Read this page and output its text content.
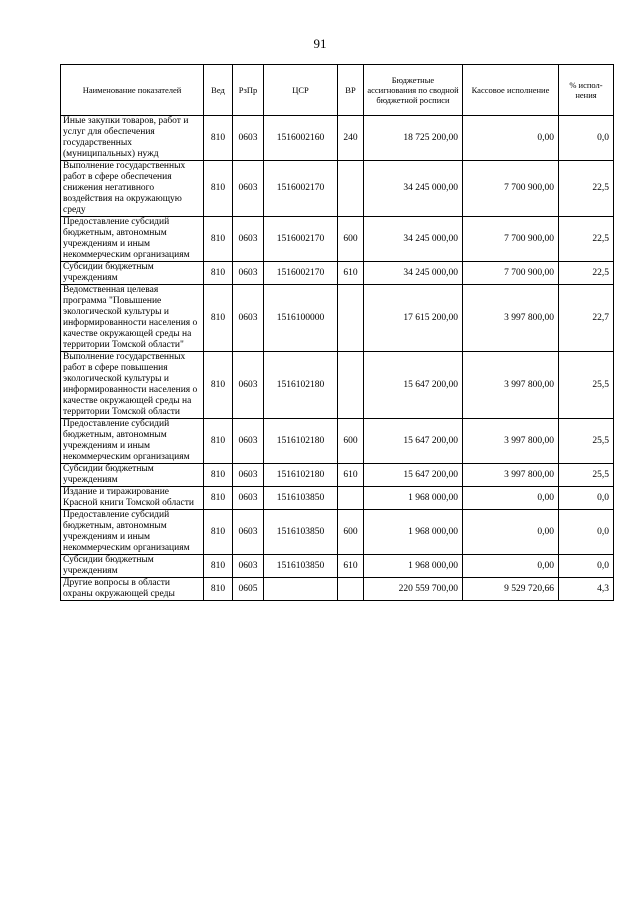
91
Наименование показателей	Вед	РзПр	ЦСР	ВР	Бюджетные ассигнования по сводной бюджетной росписи	Кассовое исполнение	% испол-нения
Иные закупки товаров, работ и услуг для обеспечения государственных (муниципальных) нужд	810	0603	1516002160	240	18 725 200,00	0,00	0,0
Выполнение государственных работ в сфере обеспечения снижения негативного воздействия на окружающую среду	810	0603	1516002170		34 245 000,00	7 700 900,00	22,5
Предоставление субсидий бюджетным, автономным учреждениям и иным некоммерческим организациям	810	0603	1516002170	600	34 245 000,00	7 700 900,00	22,5
Субсидии бюджетным учреждениям	810	0603	1516002170	610	34 245 000,00	7 700 900,00	22,5
Ведомственная целевая программа "Повышение экологической культуры и информированности населения о качестве окружающей среды на территории Томской области"	810	0603	1516100000		17 615 200,00	3 997 800,00	22,7
Выполнение государственных работ в сфере повышения экологической культуры и информированности населения о качестве окружающей среды на территории Томской области	810	0603	1516102180		15 647 200,00	3 997 800,00	25,5
Предоставление субсидий бюджетным, автономным учреждениям и иным некоммерческим организациям	810	0603	1516102180	600	15 647 200,00	3 997 800,00	25,5
Субсидии бюджетным учреждениям	810	0603	1516102180	610	15 647 200,00	3 997 800,00	25,5
Издание и тиражирование Красной книги Томской области	810	0603	1516103850		1 968 000,00	0,00	0,0
Предоставление субсидий бюджетным, автономным учреждениям и иным некоммерческим организациям	810	0603	1516103850	600	1 968 000,00	0,00	0,0
Субсидии бюджетным учреждениям	810	0603	1516103850	610	1 968 000,00	0,00	0,0
Другие вопросы в области охраны окружающей среды	810	0605			220 559 700,00	9 529 720,66	4,3
